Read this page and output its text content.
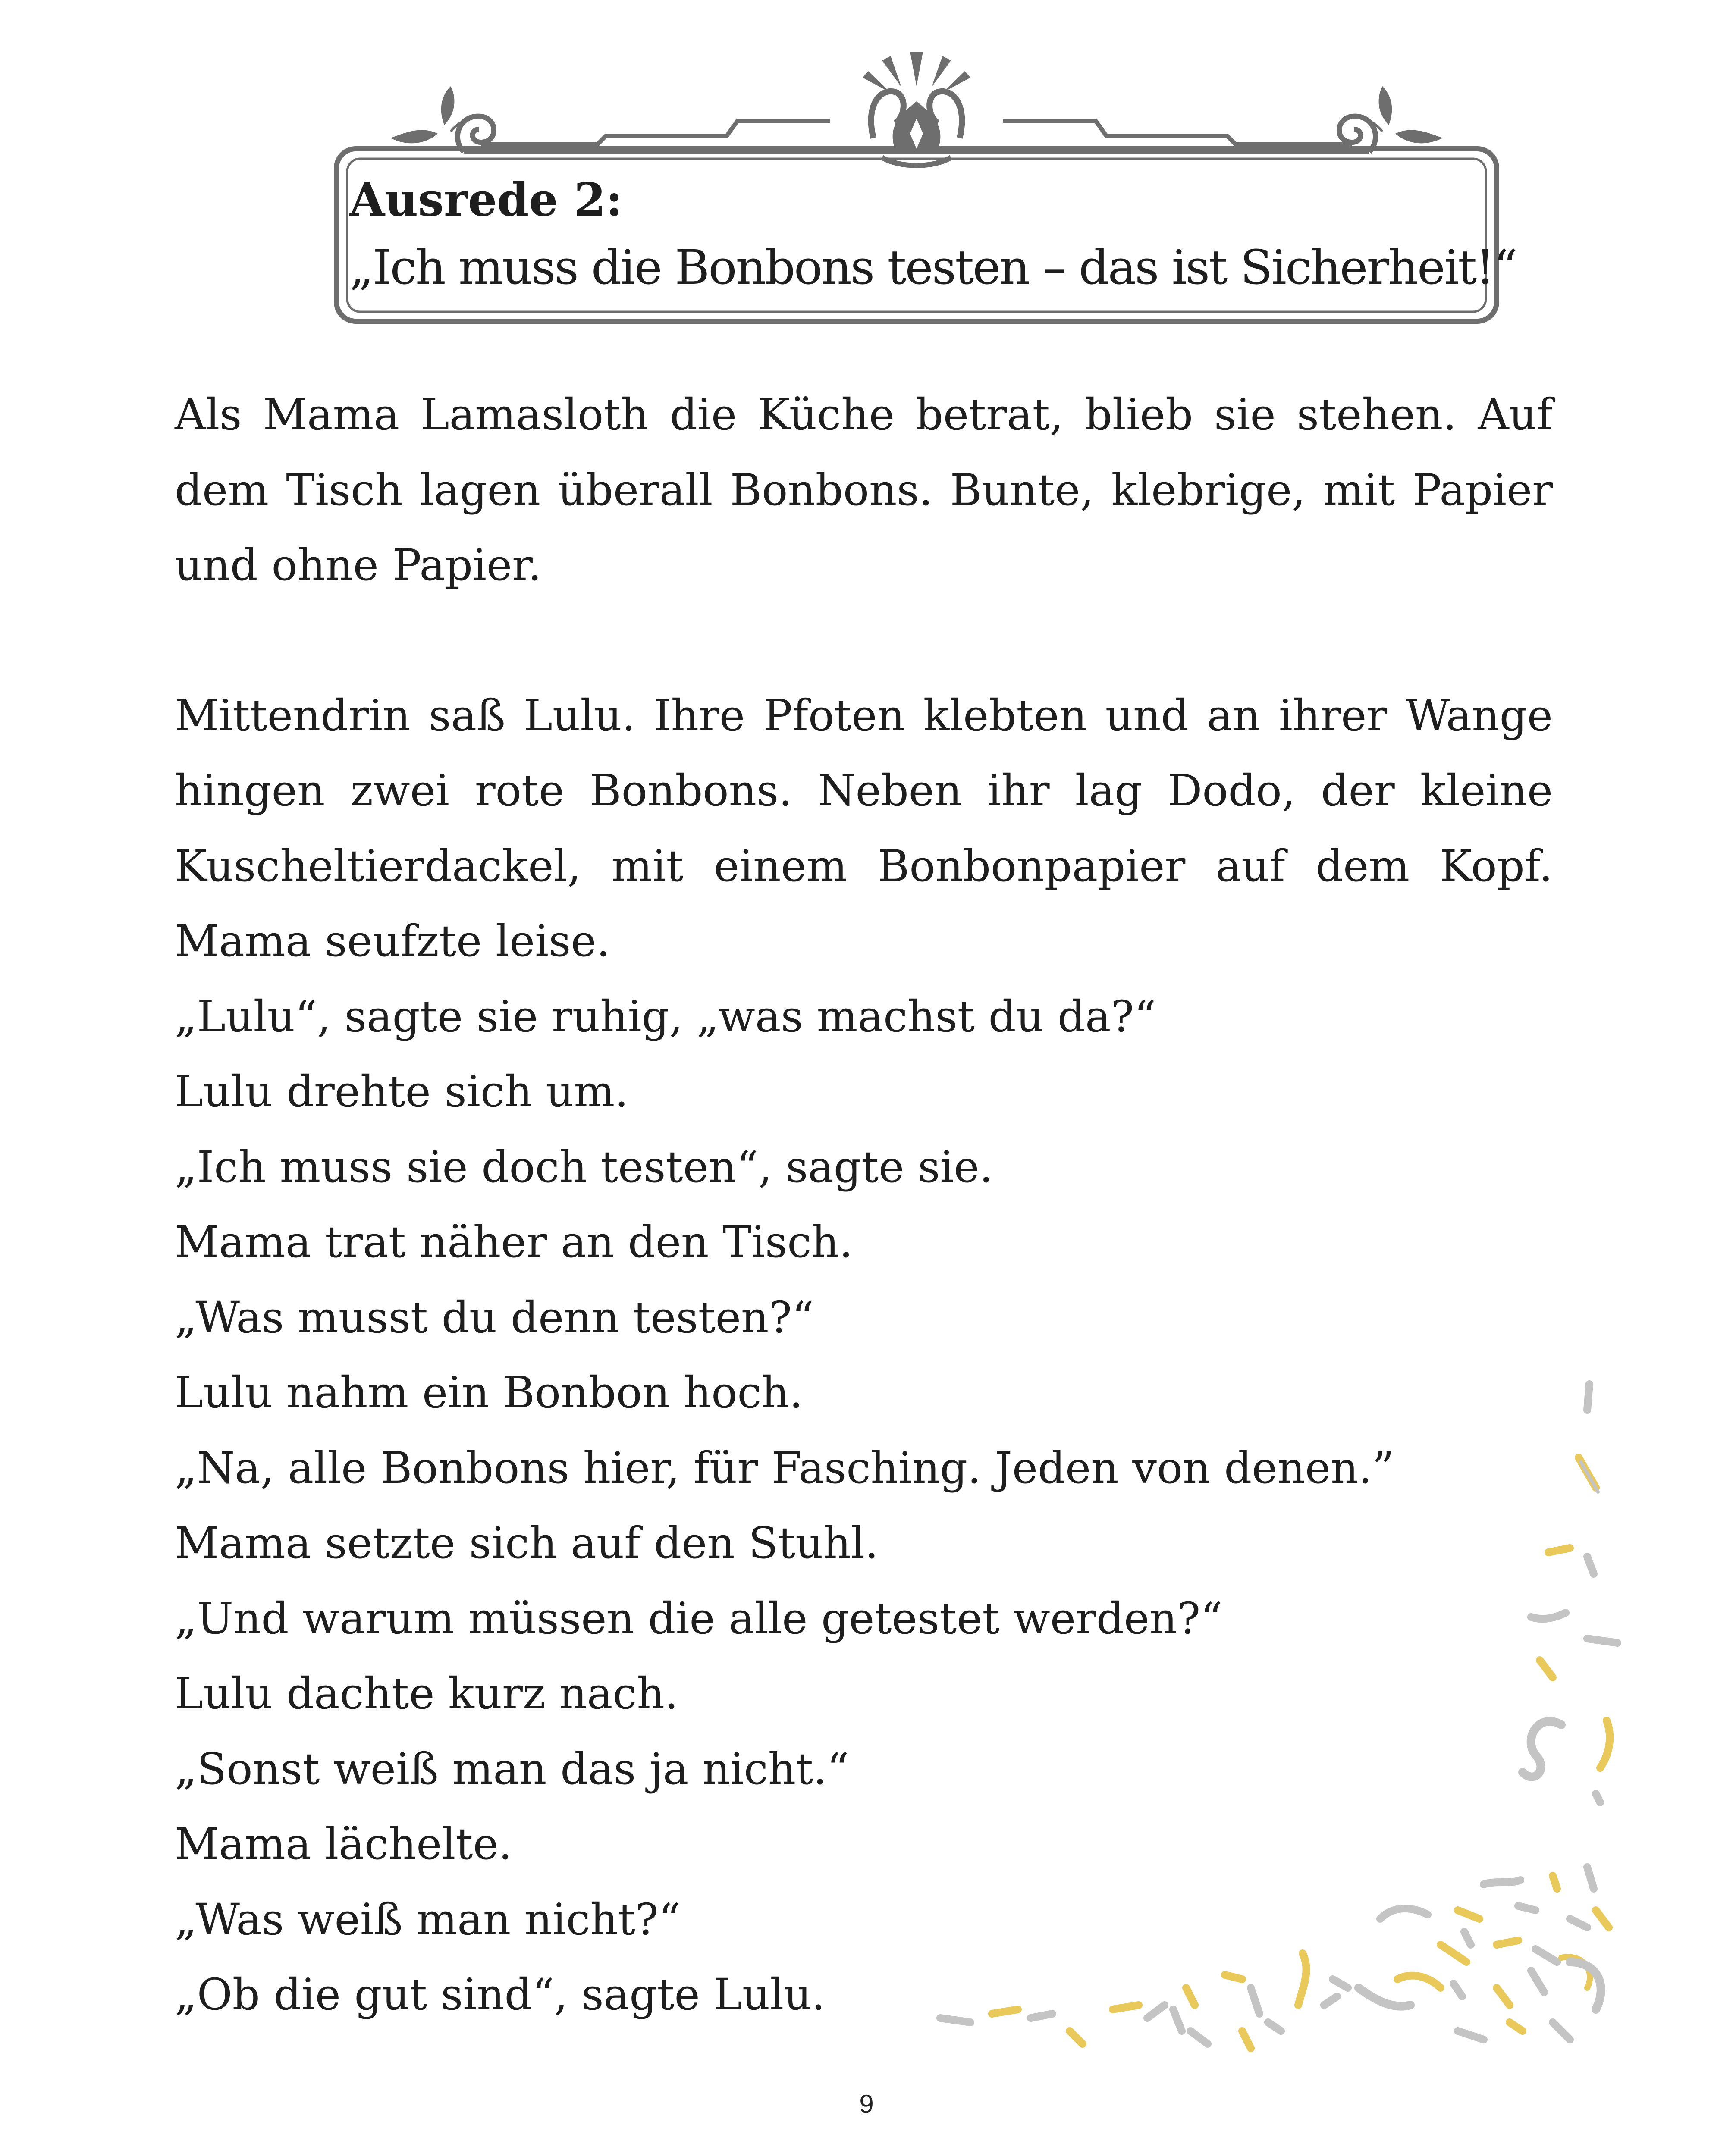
Ausrede 2:

„Ich muss die Bonbons testen – das ist Sicherheit!“

Als Mama Lamasloth die Küche betrat, blieb sie stehen. Auf dem Tisch lagen überall Bonbons. Bunte, klebrige, mit Papier und ohne Papier.

Mittendrin saß Lulu. Ihre Pfoten klebten und an ihrer Wange hingen zwei rote Bonbons. Neben ihr lag Dodo, der kleine Kuscheltierdackel, mit einem Bonbonpapier auf dem Kopf. Mama seufzte leise.

„Lulu“, sagte sie ruhig, „was machst du da?“

Lulu drehte sich um.

„Ich muss sie doch testen“, sagte sie.

Mama trat näher an den Tisch.

„Was musst du denn testen?“

Lulu nahm ein Bonbon hoch.

„Na, alle Bonbons hier, für Fasching. Jeden von denen.”

Mama setzte sich auf den Stuhl.

„Und warum müssen die alle getestet werden?“

Lulu dachte kurz nach.

„Sonst weiß man das ja nicht.“

Mama lächelte.

„Was weiß man nicht?“

„Ob die gut sind“, sagte Lulu.

9
